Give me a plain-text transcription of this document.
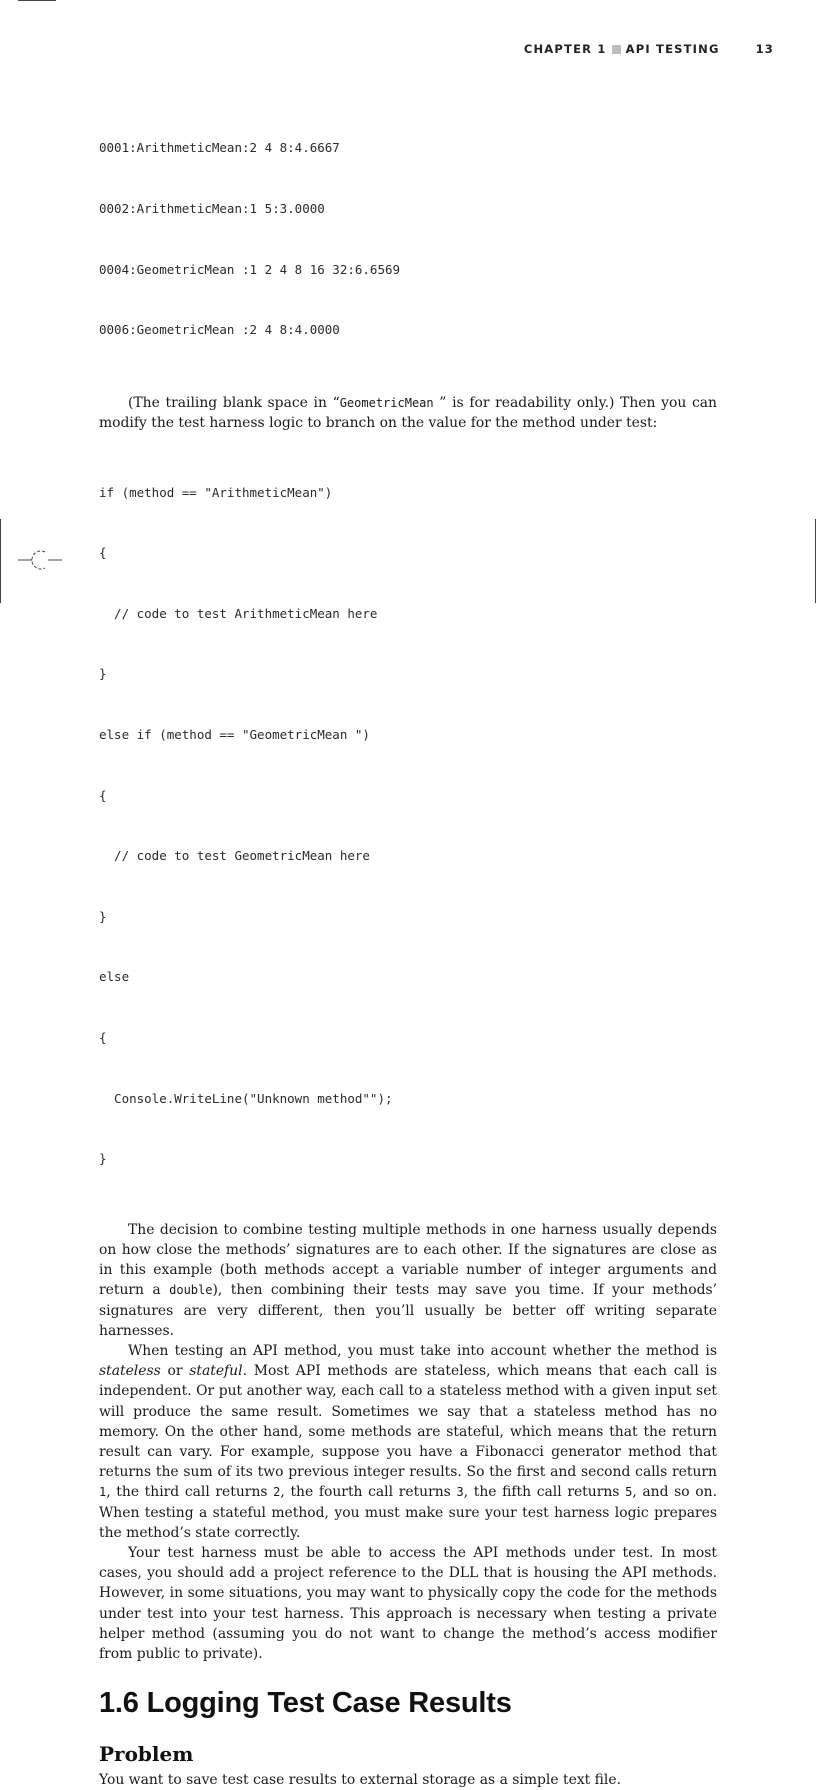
CHAPTER 1 API TESTING	13

0001:ArithmeticMean:2 4 8:4.6667

0002:ArithmeticMean:1 5:3.0000

0004:GeometricMean :1 2 4 8 16 32:6.6569

0006:GeometricMean :2 4 8:4.0000

(The trailing blank space in “GeometricMean ” is for readability only.) Then you can modify the test harness logic to branch on the value for the method under test:

if (method == "ArithmeticMean")

{

// code to test ArithmeticMean here

}

else if (method == "GeometricMean ")

{

// code to test GeometricMean here

}

else

{

Console.WriteLine("Unknown method"");

}

The decision to combine testing multiple methods in one harness usually depends on how close the methods’ signatures are to each other. If the signatures are close as in this example (both methods accept a variable number of integer arguments and return a double), then combining their tests may save you time. If your methods’ signatures are very different, then you’ll usually be better off writing separate harnesses.

When testing an API method, you must take into account whether the method is stateless or stateful. Most API methods are stateless, which means that each call is independent. Or put another way, each call to a stateless method with a given input set will produce the same result. Sometimes we say that a stateless method has no memory. On the other hand, some methods are stateful, which means that the return result can vary. For example, suppose you have a Fibonacci generator method that returns the sum of its two previous integer results. So the first and second calls return 1, the third call returns 2, the fourth call returns 3, the fifth call returns 5, and so on. When testing a stateful method, you must make sure your test harness logic prepares the method’s state correctly.

Your test harness must be able to access the API methods under test. In most cases, you should add a project reference to the DLL that is housing the API methods. However, in some situations, you may want to physically copy the code for the methods under test into your test harness. This approach is necessary when testing a private helper method (assuming you do not want to change the method’s access modifier from public to private).

1.6 Logging Test Case Results
Problem

You want to save test case results to external storage as a simple text file.
